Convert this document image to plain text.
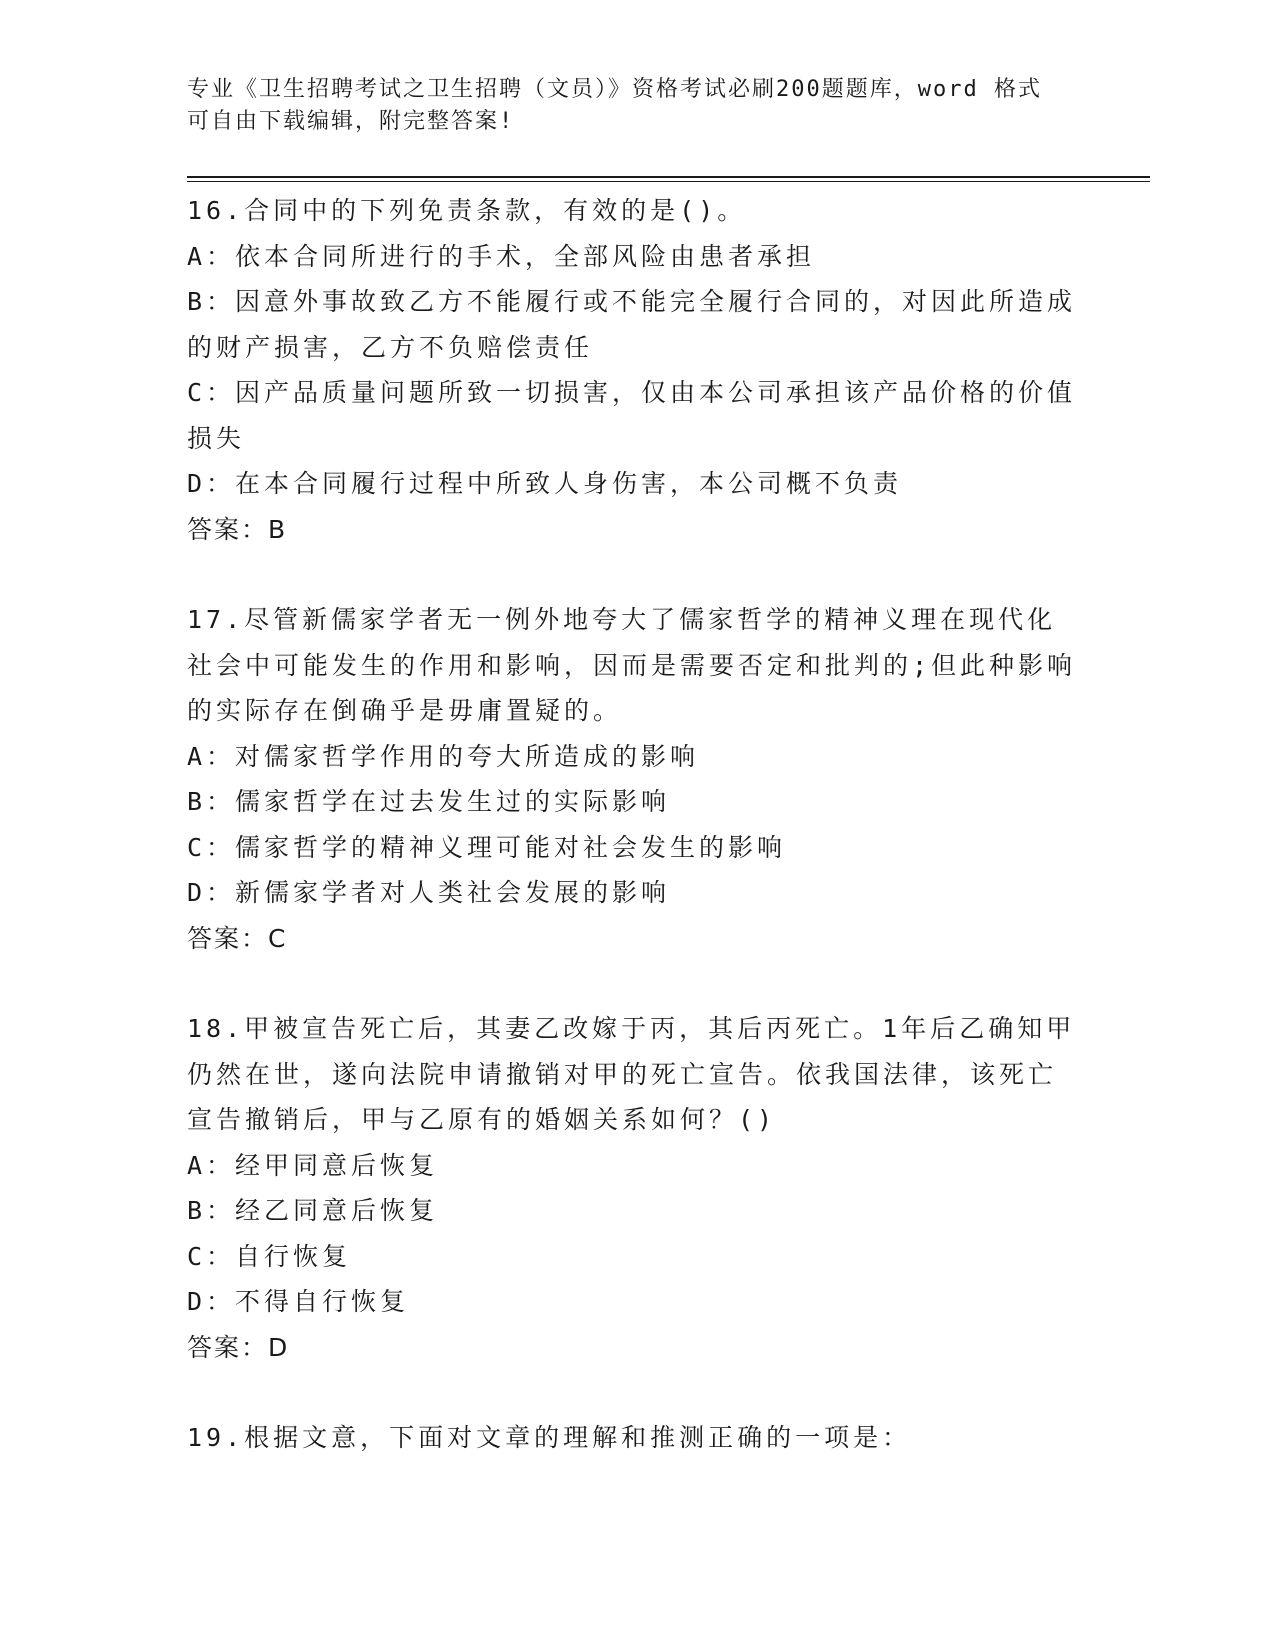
专业《卫生招聘考试之卫生招聘（文员）》资格考试必刷200题题库，word 格式
可自由下载编辑，附完整答案!
16.合同中的下列免责条款，有效的是()。
A：依本合同所进行的手术，全部风险由患者承担
B：因意外事故致乙方不能履行或不能完全履行合同的，对因此所造成的财产损害，乙方不负赔偿责任
C：因产品质量问题所致一切损害，仅由本公司承担该产品价格的价值损失
D：在本合同履行过程中所致人身伤害，本公司概不负责
答案：B
17.尽管新儒家学者无一例外地夸大了儒家哲学的精神义理在现代化社会中可能发生的作用和影响，因而是需要否定和批判的;但此种影响的实际存在倒确乎是毋庸置疑的。
A：对儒家哲学作用的夸大所造成的影响
B：儒家哲学在过去发生过的实际影响
C：儒家哲学的精神义理可能对社会发生的影响
D：新儒家学者对人类社会发展的影响
答案：C
18.甲被宣告死亡后，其妻乙改嫁于丙，其后丙死亡。1年后乙确知甲仍然在世，遂向法院申请撤销对甲的死亡宣告。依我国法律，该死亡宣告撤销后，甲与乙原有的婚姻关系如何？()
A：经甲同意后恢复
B：经乙同意后恢复
C：自行恢复
D：不得自行恢复
答案：D
19.根据文意，下面对文章的理解和推测正确的一项是：
